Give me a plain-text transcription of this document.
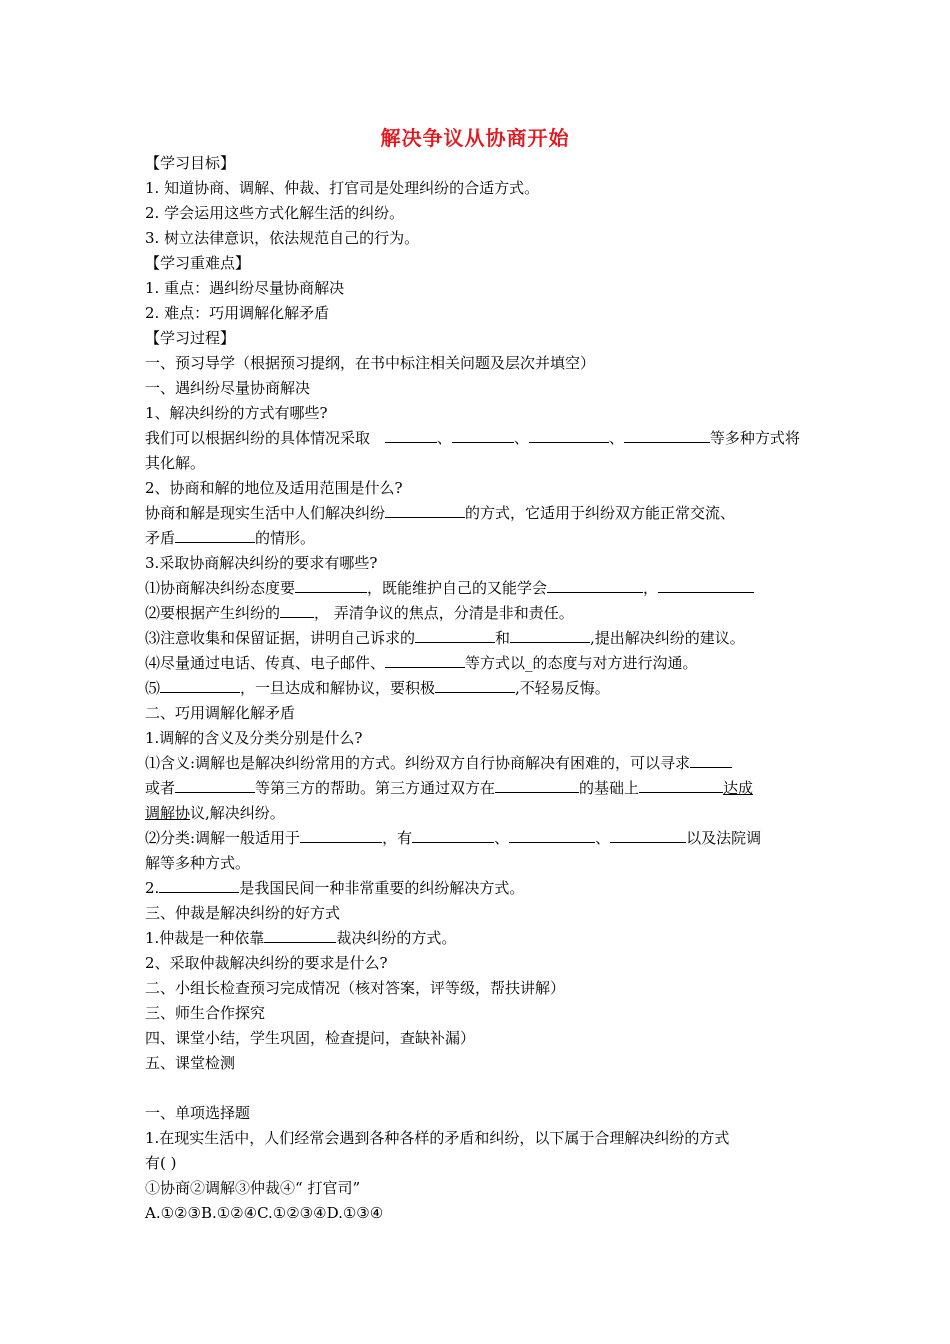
解决争议从协商开始
【学习目标】
1. 知道协商、调解、仲裁、打官司是处理纠纷的合适方式。
2. 学会运用这些方式化解生活的纠纷。
3. 树立法律意识，依法规范自己的行为。
【学习重难点】
1. 重点：遇纠纷尽量协商解决
2. 难点：巧用调解化解矛盾
【学习过程】
一、预习导学（根据预习提纲，在书中标注相关问题及层次并填空）
一、遇纠纷尽量协商解决
1、解决纠纷的方式有哪些?
我们可以根据纠纷的具体情况采取	、	、	、	等多种方式将
其化解。
2、协商和解的地位及适用范围是什么?
协商和解是现实生活中人们解决纠纷	的方式，它适用于纠纷双方能正常交流、
矛盾	的情形。
3.采取协商解决纠纷的要求有哪些?
⑴协商解决纠纷态度要	，既能维护自己的又能学会	，
⑵要根据产生纠纷的 ， 弄清争议的焦点，分清是非和责任。
⑶注意收集和保留证据，讲明自己诉求的	和	,提出解决纠纷的建议。
⑷尽量通过电话、传真、电子邮件、	等方式以_的态度与对方进行沟通。
⑸	，一旦达成和解协议，要积极	,不轻易反悔。
二、巧用调解化解矛盾
1.调解的含义及分类分别是什么?
⑴含义:调解也是解决纠纷常用的方式。纠纷双方自行协商解决有困难的，可以寻求
或者	等第三方的帮助。第三方通过双方在	的基础上	达成
调解协议,解决纠纷。
⑵分类:调解一般适用于	，有	、	、	以及法院调
解等多种方式。
2.	是我国民间一种非常重要的纠纷解决方式。
三、仲裁是解决纠纷的好方式
1.仲裁是一种依靠	裁决纠纷的方式。
2、采取仲裁解决纠纷的要求是什么?
二、小组长检查预习完成情况（核对答案，评等级，帮扶讲解）
三、师生合作探究
四、课堂小结，学生巩固，检查提问，查缺补漏）
五、课堂检测
一、单项选择题
1.在现实生活中，人们经常会遇到各种各样的矛盾和纠纷，以下属于合理解决纠纷的方式
有( )
①协商②调解③仲裁④“ 打官司”
A.①②③B.①②④C.①②③④D.①③④
